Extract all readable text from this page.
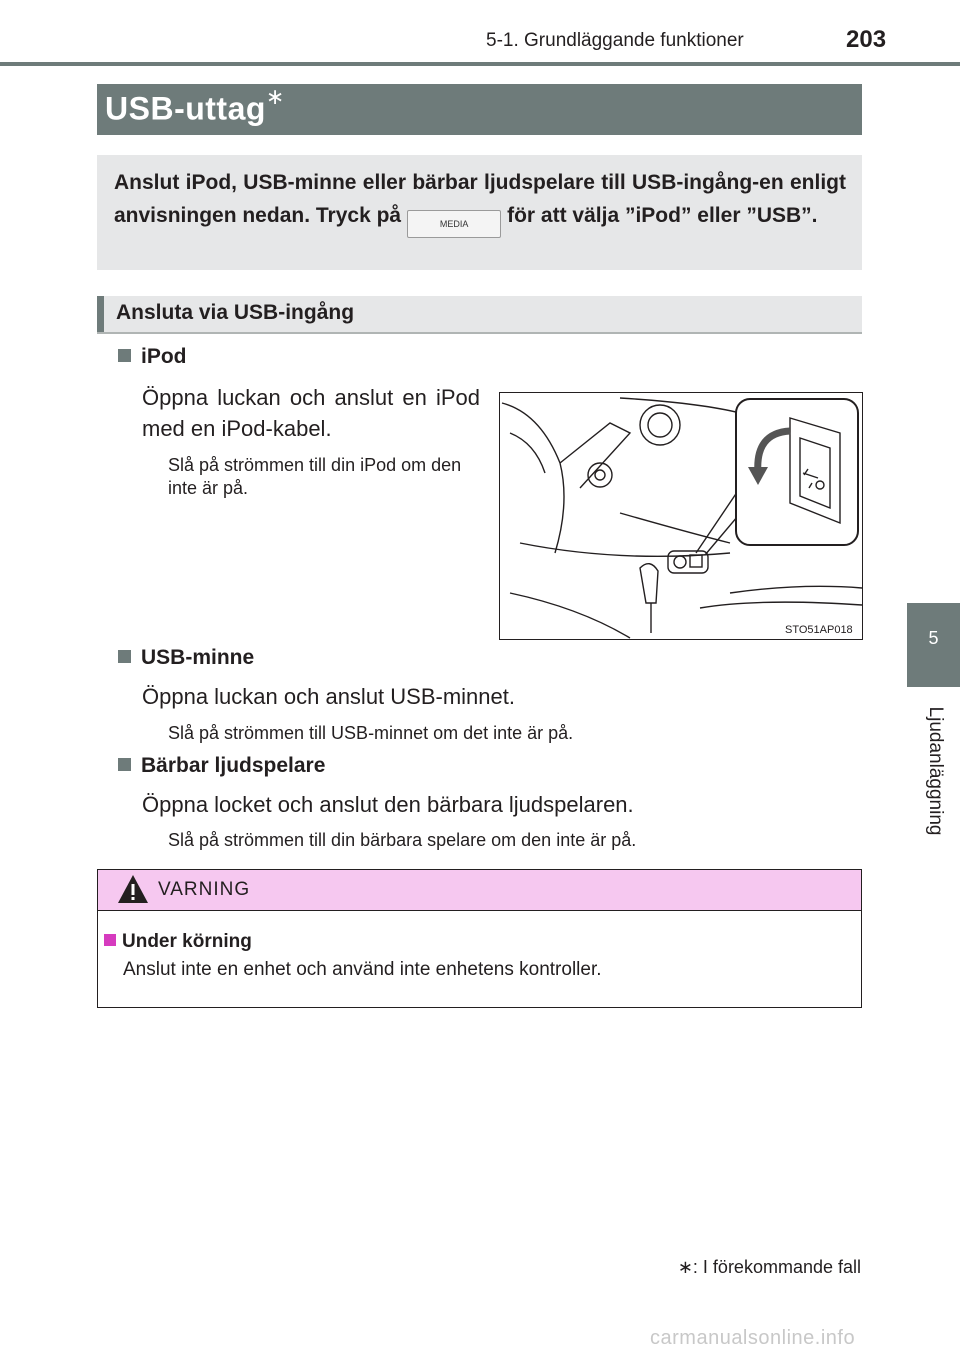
5-1. Grundläggande funktioner	203
5
Ljudanläggning
USB-uttag∗
Anslut iPod, USB-minne eller bärbar ljudspelare till USB-ingång-en enligt anvisningen nedan. Tryck på	MEDIA för att välja ”iPod” eller ”USB”.
Ansluta via USB-ingång
iPod
Öppna luckan och anslut en iPod med en iPod-kabel.
Slå på strömmen till din iPod om den inte är på.
STO51AP018
USB-minne
Öppna luckan och anslut USB-minnet.
Slå på strömmen till USB-minnet om det inte är på.
Bärbar ljudspelare
Öppna locket och anslut den bärbara ljudspelaren.
Slå på strömmen till din bärbara spelare om den inte är på.
VARNING
Under körning
Anslut inte en enhet och använd inte enhetens kontroller.
∗: I förekommande fall
carmanualsonline.info
